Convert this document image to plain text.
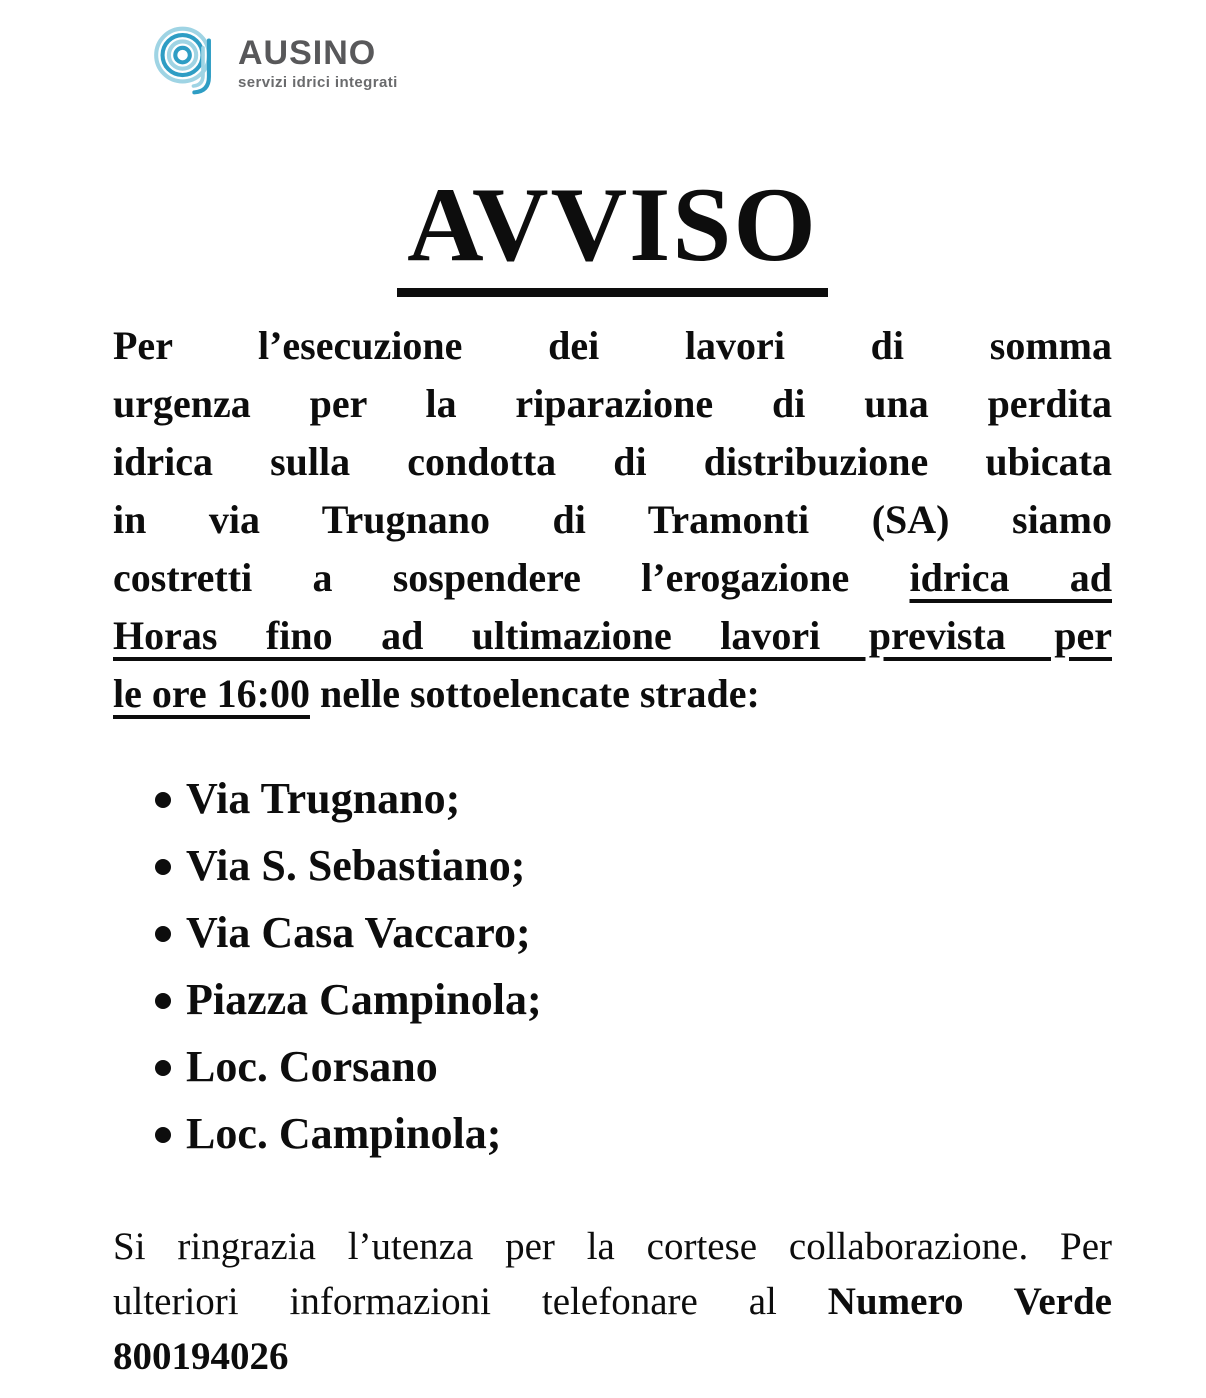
AUSINO
servizi idrici integrati
AVVISO
Per l’esecuzione dei lavori di somma
urgenza per la riparazione di una perdita
idrica sulla condotta di distribuzione ubicata
in via Trugnano di Tramonti (SA) siamo
costretti a sospendere l’erogazione idrica ad
Horas fino ad ultimazione lavori prevista per
le ore 16:00 nelle sottoelencate strade:
Via Trugnano;
Via S. Sebastiano;
Via Casa Vaccaro;
Piazza Campinola;
Loc. Corsano
Loc. Campinola;
Si ringrazia l’utenza per la cortese collaborazione. Per
ulteriori informazioni telefonare al Numero Verde
800194026
